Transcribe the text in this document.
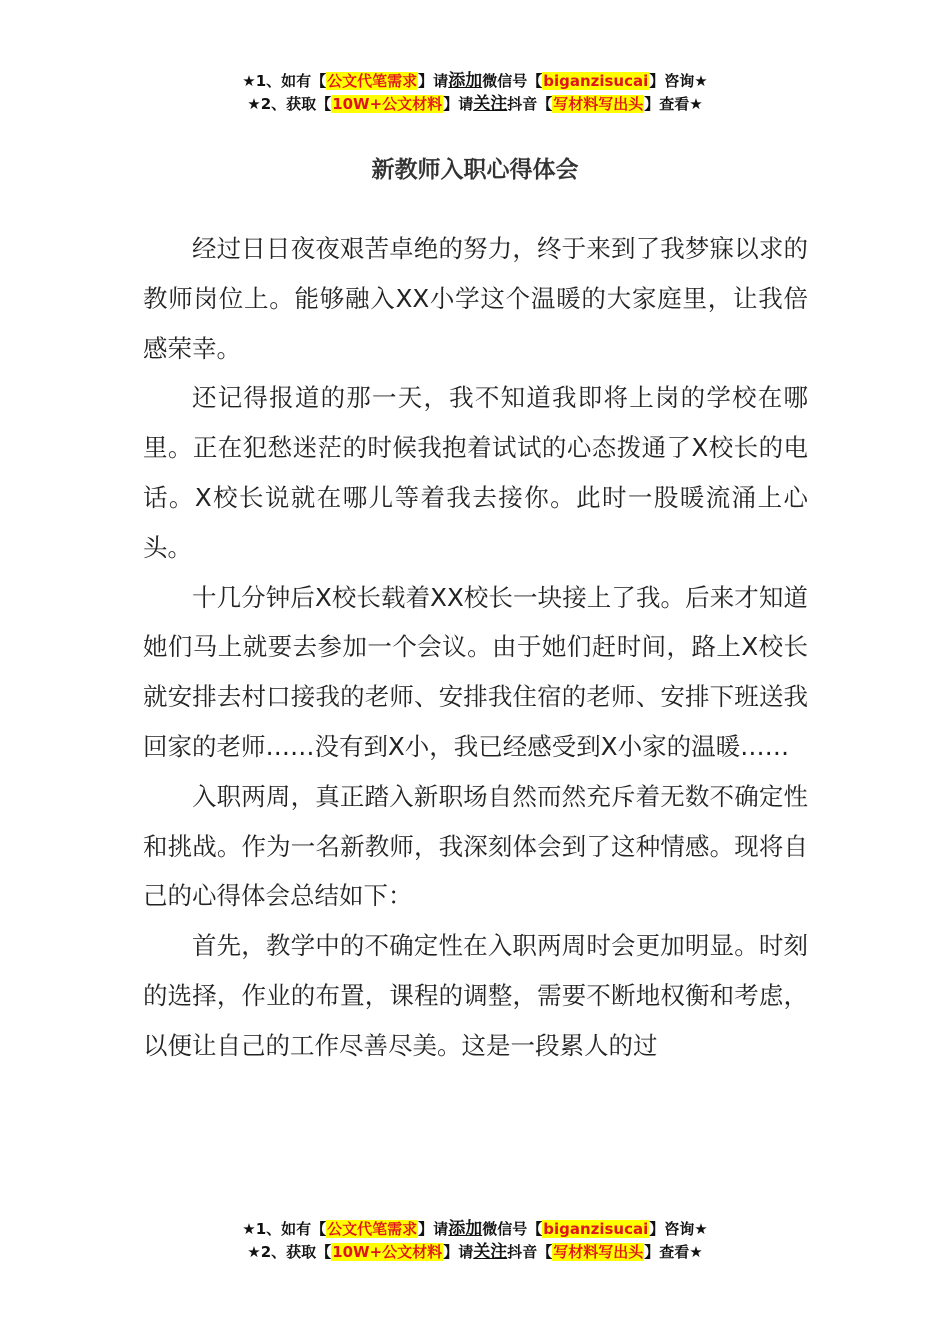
★1、如有【公文代笔需求】请添加微信号【biganzisucai】咨询★
★2、获取【10W+公文材料】请关注抖音【写材料写出头】查看★
新教师入职心得体会

经过日日夜夜艰苦卓绝的努力，终于来到了我梦寐以求的教师岗位上。能够融入XX小学这个温暖的大家庭里，让我倍感荣幸。

还记得报道的那一天，我不知道我即将上岗的学校在哪里。正在犯愁迷茫的时候我抱着试试的心态拨通了X校长的电话。X校长说就在哪儿等着我去接你。此时一股暖流涌上心头。

十几分钟后X校长载着XX校长一块接上了我。后来才知道她们马上就要去参加一个会议。由于她们赶时间，路上X校长就安排去村口接我的老师、安排我住宿的老师、安排下班送我回家的老师……没有到X小，我已经感受到X小家的温暖……

入职两周，真正踏入新职场自然而然充斥着无数不确定性和挑战。作为一名新教师，我深刻体会到了这种情感。现将自己的心得体会总结如下：

首先，教学中的不确定性在入职两周时会更加明显。时刻的选择，作业的布置，课程的调整，需要不断地权衡和考虑，以便让自己的工作尽善尽美。这是一段累人的过

★1、如有【公文代笔需求】请添加微信号【biganzisucai】咨询★
★2、获取【10W+公文材料】请关注抖音【写材料写出头】查看★
